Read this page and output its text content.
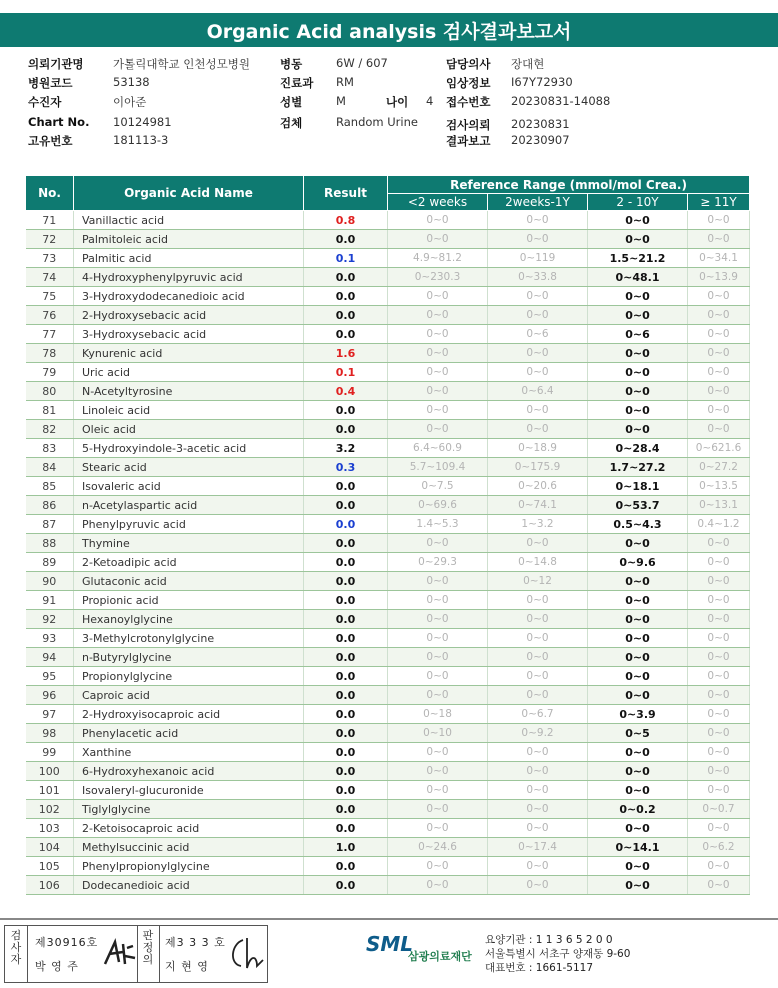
Organic Acid analysis 검사결과보고서
의뢰기관명	가톨릭대학교 인천성모병원
병원코드	53138
수진자	이아준
Chart No. 10124981
고유번호	181113-3
병동	6W / 607
진료과 RM
성별	M
검체	Random Urine
나이 4
담당의사 장대현
임상정보 I67Y72930
접수번호 20230831-14088
검사의뢰 20230831
결과보고 20230907
No.	Organic Acid Name	Result	Reference Range (mmol/mol Crea.)			
			<2 weeks	2weeks-1Y	2 - 10Y	≥ 11Y
71	Vanillactic acid	0.8	0~0	0~0	0~0	0~0
72	Palmitoleic acid	0.0	0~0	0~0	0~0	0~0
73	Palmitic acid	0.1	4.9~81.2	0~119	1.5~21.2	0~34.1
74	4-Hydroxyphenylpyruvic acid	0.0	0~230.3	0~33.8	0~48.1	0~13.9
75	3-Hydroxydodecanedioic acid	0.0	0~0	0~0	0~0	0~0
76	2-Hydroxysebacic acid	0.0	0~0	0~0	0~0	0~0
77	3-Hydroxysebacic acid	0.0	0~0	0~6	0~6	0~0
78	Kynurenic acid	1.6	0~0	0~0	0~0	0~0
79	Uric acid	0.1	0~0	0~0	0~0	0~0
80	N-Acetyltyrosine	0.4	0~0	0~6.4	0~0	0~0
81	Linoleic acid	0.0	0~0	0~0	0~0	0~0
82	Oleic acid	0.0	0~0	0~0	0~0	0~0
83	5-Hydroxyindole-3-acetic acid	3.2	6.4~60.9	0~18.9	0~28.4	0~621.6
84	Stearic acid	0.3	5.7~109.4	0~175.9	1.7~27.2	0~27.2
85	Isovaleric acid	0.0	0~7.5	0~20.6	0~18.1	0~13.5
86	n-Acetylaspartic acid	0.0	0~69.6	0~74.1	0~53.7	0~13.1
87	Phenylpyruvic acid	0.0	1.4~5.3	1~3.2	0.5~4.3	0.4~1.2
88	Thymine	0.0	0~0	0~0	0~0	0~0
89	2-Ketoadipic acid	0.0	0~29.3	0~14.8	0~9.6	0~0
90	Glutaconic acid	0.0	0~0	0~12	0~0	0~0
91	Propionic acid	0.0	0~0	0~0	0~0	0~0
92	Hexanoylglycine	0.0	0~0	0~0	0~0	0~0
93	3-Methylcrotonylglycine	0.0	0~0	0~0	0~0	0~0
94	n-Butyrylglycine	0.0	0~0	0~0	0~0	0~0
95	Propionylglycine	0.0	0~0	0~0	0~0	0~0
96	Caproic acid	0.0	0~0	0~0	0~0	0~0
97	2-Hydroxyisocaproic acid	0.0	0~18	0~6.7	0~3.9	0~0
98	Phenylacetic acid	0.0	0~10	0~9.2	0~5	0~0
99	Xanthine	0.0	0~0	0~0	0~0	0~0
100	6-Hydroxyhexanoic acid	0.0	0~0	0~0	0~0	0~0
101	Isovaleryl-glucuronide	0.0	0~0	0~0	0~0	0~0
102	Tiglylglycine	0.0	0~0	0~0	0~0.2	0~0.7
103	2-Ketoisocaproic acid	0.0	0~0	0~0	0~0	0~0
104	Methylsuccinic acid	1.0	0~24.6	0~17.4	0~14.1	0~6.2
105	Phenylpropionylglycine	0.0	0~0	0~0	0~0	0~0
106	Dodecanedioic acid	0.0	0~0	0~0	0~0	0~0
검사자
제30916호
박 영 주
판정의
제3 3 3 호
지 현 영
SML
삼광의료재단
요양기관 : 1 1 3 6 5 2 0 0
서울특별시 서초구 양재동 9-60
대표번호 : 1661-5117
